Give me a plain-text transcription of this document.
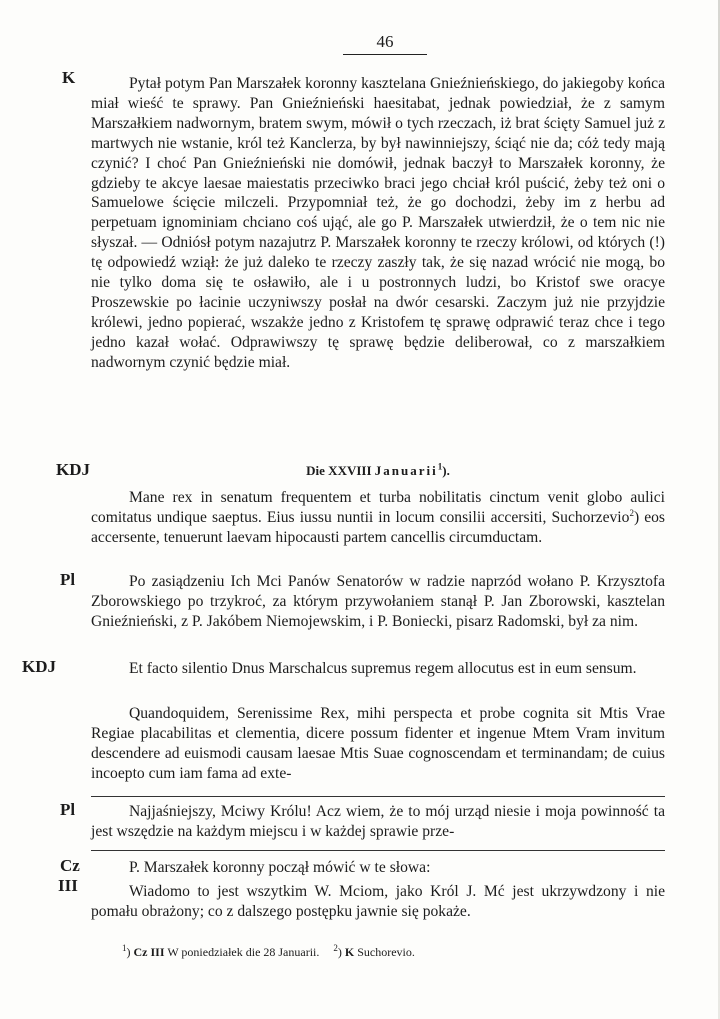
46
K
KDJ
Pl
KDJ
Pl
Cz
III
Pytał potym Pan Marszałek koronny kasztelana Gnieźnieńskiego, do jakiegoby końca miał wieść te sprawy. Pan Gnieźnieński haesitabat, jednak powiedział, że z samym Marszałkiem nadwornym, bratem swym, mówił o tych rzeczach, iż brat ścięty Samuel już z martwych nie wstanie, król też Kanclerza, by był nawinniejszy, ściąć nie da; cóż tedy mają czynić? I choć Pan Gnieźnieński nie domówił, jednak baczył to Marszałek koronny, że gdzieby te akcye laesae maiestatis przeciwko braci jego chciał król puścić, żeby też oni o Samuelowe ścięcie milczeli. Przypomniał też, że go dochodzi, żeby im z herbu ad perpetuam ignominiam chciano coś ująć, ale go P. Marszałek utwierdził, że o tem nic nie słyszał. — Odniósł potym nazajutrz P. Marszałek koronny te rzeczy królowi, od których (!) tę odpowiedź wziął: że już daleko te rzeczy zaszły tak, że się nazad wrócić nie mogą, bo nie tylko doma się te osławiło, ale i u postronnych ludzi, bo Kristof swe oracye Proszewskie po łacinie uczyniwszy posłał na dwór cesarski. Zaczym już nie przyjdzie królewi, jedno popierać, wszakże jedno z Kristofem tę sprawę odprawić teraz chce i tego jedno kazał wołać. Odprawiwszy tę sprawę będzie deliberował, co z marszałkiem nadwornym czynić będzie miał.
Die XXVIII Januarii$^1$).
Mane rex in senatum frequentem et turba nobilitatis cinctum venit globo aulici comitatus undique saeptus. Eius iussu nuntii in locum consilii accersiti, Suchorzevio$^2$) eos accersente, tenuerunt laevam hipocausti partem cancellis circumductam.
Po zasiądzeniu Ich Mci Panów Senatorów w radzie naprzód wołano P. Krzysztofa Zborowskiego po trzykroć, za którym przywołaniem stanął P. Jan Zborowski, kasztelan Gnieźnieński, z P. Jakóbem Niemojewskim, i P. Boniecki, pisarz Radomski, był za nim.
Et facto silentio Dnus Marschalcus supremus regem allocutus est in eum sensum.
Quandoquidem, Serenissime Rex, mihi perspecta et probe cognita sit Mtis Vrae Regiae placabilitas et clementia, dicere possum fidenter et ingenue Mtem Vram invitum descendere ad euismodi causam laesae Mtis Suae cognoscendam et terminandam; de cuius incoepto cum iam fama ad exte-
Najjaśniejszy, Mciwy Królu! Acz wiem, że to mój urząd niesie i moja powinność ta jest wszędzie na każdym miejscu i w każdej sprawie prze-
P. Marszałek koronny począł mówić w te słowa:
Wiadomo to jest wszytkim W. Mciom, jako Król J. Mć jest ukrzywdzony i nie pomału obrażony; co z dalszego postępku jawnie się pokaże.
$^1$) Cz III W poniedziałek die 28 Januarii. $^2$) K Suchorevio.
